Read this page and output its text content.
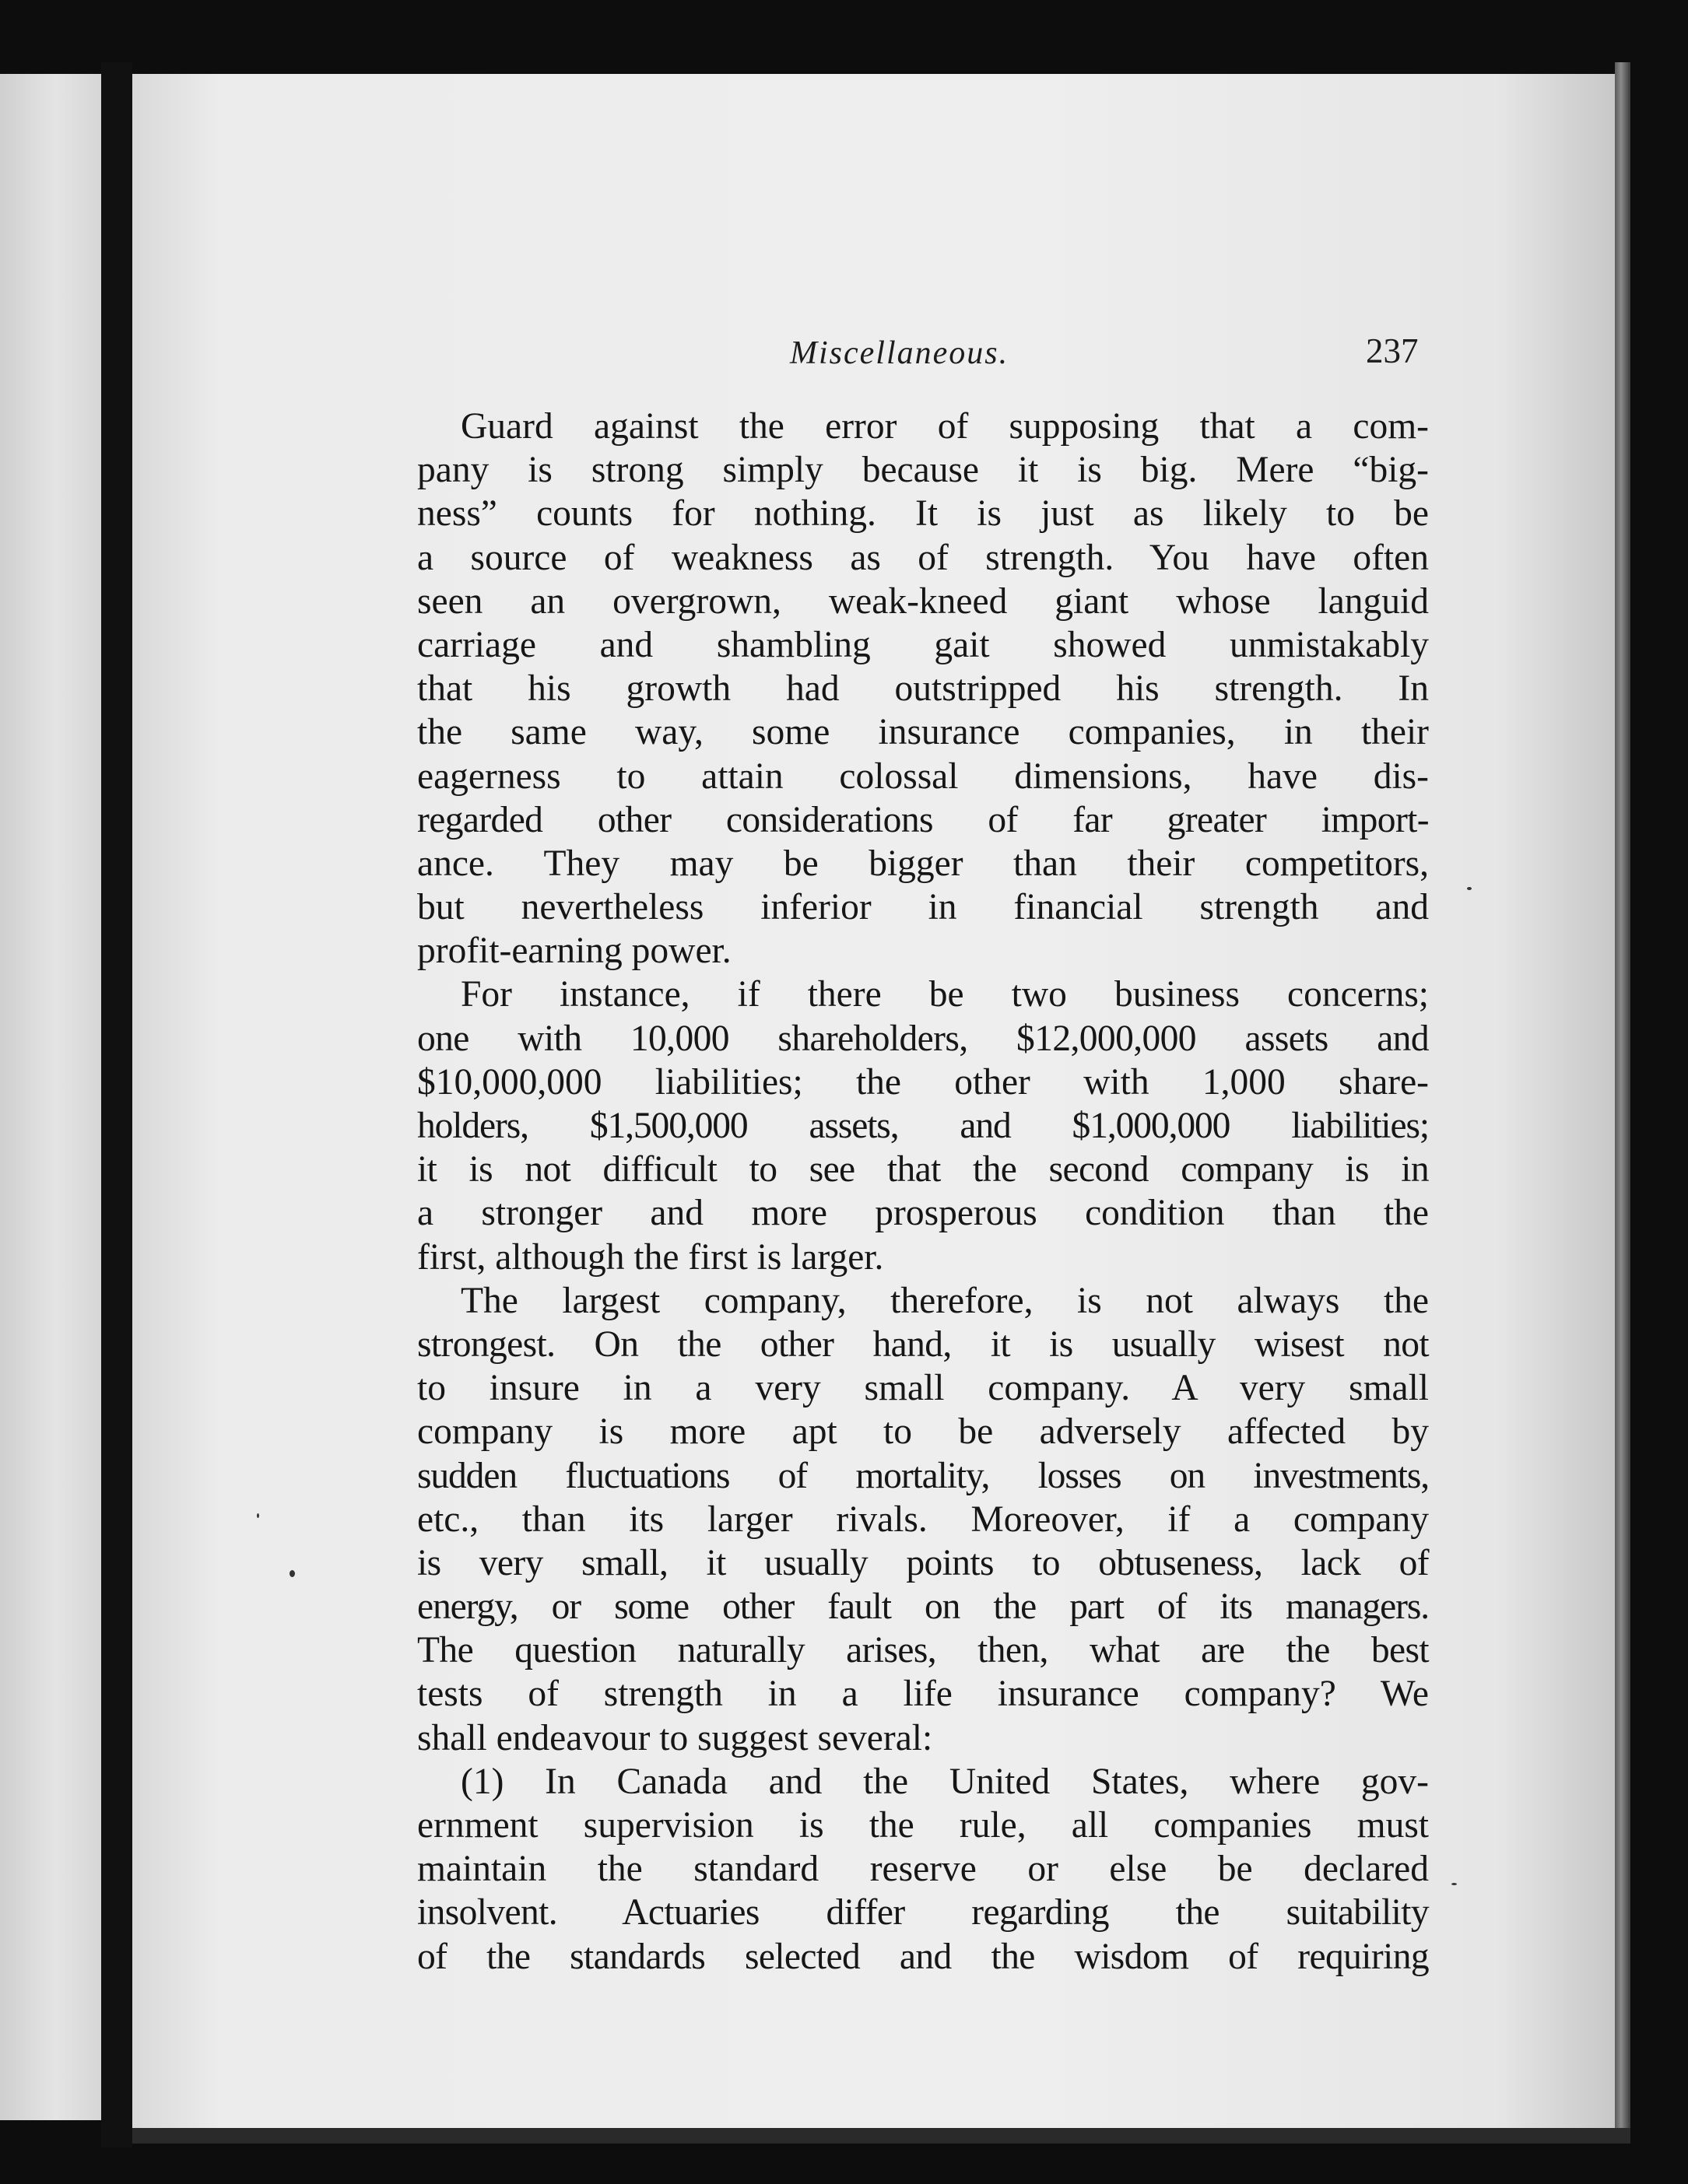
Miscellaneous.	237
Guard against the error of supposing that a com-
pany is strong simply because it is big. Mere “big-
ness” counts for nothing. It is just as likely to be
a source of weakness as of strength. You have often
seen an overgrown, weak-kneed giant whose languid
carriage and shambling gait showed unmistakably
that his growth had outstripped his strength. In
the same way, some insurance companies, in their
eagerness to attain colossal dimensions, have dis-
regarded other considerations of far greater import-
ance. They may be bigger than their competitors,
but nevertheless inferior in financial strength and
profit-earning power.
For instance, if there be two business concerns;
one with 10,000 shareholders, $12,000,000 assets and
$10,000,000 liabilities; the other with 1,000 share-
holders, $1,500,000 assets, and $1,000,000 liabilities;
it is not difficult to see that the second company is in
a stronger and more prosperous condition than the
first, although the first is larger.
The largest company, therefore, is not always the
strongest. On the other hand, it is usually wisest not
to insure in a very small company. A very small
company is more apt to be adversely affected by
sudden fluctuations of mortality, losses on investments,
etc., than its larger rivals. Moreover, if a company
is very small, it usually points to obtuseness, lack of
energy, or some other fault on the part of its managers.
The question naturally arises, then, what are the best
tests of strength in a life insurance company? We
shall endeavour to suggest several:
(1) In Canada and the United States, where gov-
ernment supervision is the rule, all companies must
maintain the standard reserve or else be declared
insolvent. Actuaries differ regarding the suitability
of the standards selected and the wisdom of requiring
